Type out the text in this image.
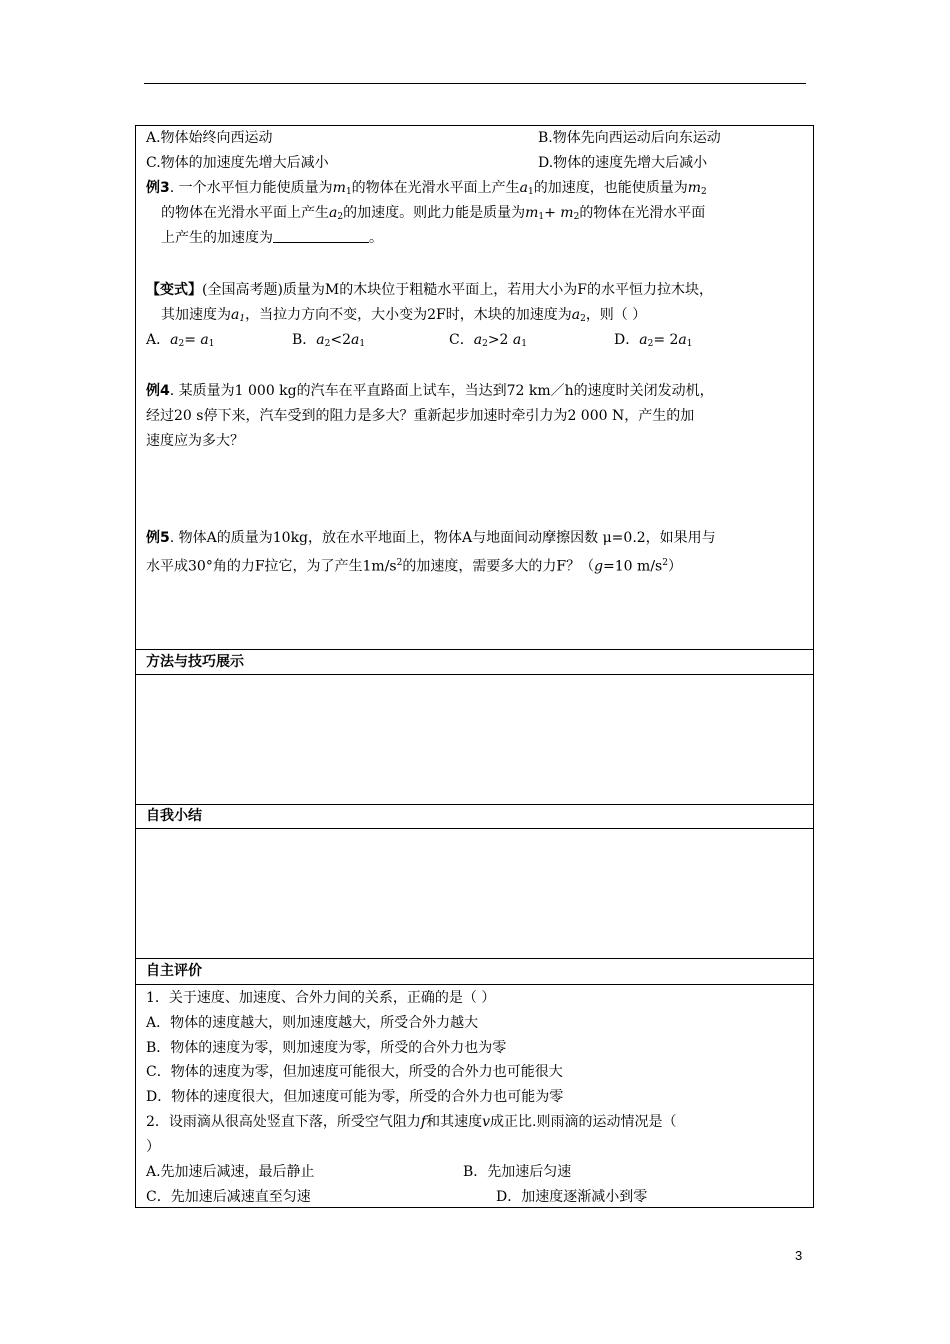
A.物体始终向西运动	B.物体先向西运动后向东运动
C.物体的加速度先增大后减小	D.物体的速度先增大后减小
例3. 一个水平恒力能使质量为$m_1$的物体在光滑水平面上产生$a_1$的加速度，也能使质量为$m_2$
的物体在光滑水平面上产生$a_2$的加速度。则此力能是质量为$m_1+ m_2$的物体在光滑水平面
上产生的加速度为	。
【变式】(全国高考题)质量为M的木块位于粗糙水平面上，若用大小为F的水平恒力拉木块，
其加速度为$a_1$，当拉力方向不变，大小变为2F时，木块的加速度为$a_2$，则（ ）
A．$a_2= a_1$	B．$a_2<2a_1$	C．$a_2>2$ $a_1$	D．$a_2= 2a_1$
例4. 某质量为1 000 kg的汽车在平直路面上试车，当达到72 km／h的速度时关闭发动机，
经过20 s停下来，汽车受到的阻力是多大？重新起步加速时牵引力为2 000 N，产生的加
速度应为多大？
例5. 物体A的质量为10kg，放在水平地面上，物体A与地面间动摩擦因数 μ=0.2，如果用与
水平成30°角的力F拉它，为了产生$1m/s^2$的加速度，需要多大的力F？（g=10 $m/s^2$）
方法与技巧展示
自我小结
自主评价
1．关于速度、加速度、合外力间的关系，正确的是（ ）
A．物体的速度越大，则加速度越大，所受合外力越大
B．物体的速度为零，则加速度为零，所受的合外力也为零
C．物体的速度为零，但加速度可能很大，所受的合外力也可能很大
D．物体的速度很大，但加速度可能为零，所受的合外力也可能为零
2．设雨滴从很高处竖直下落，所受空气阻力f和其速度v成正比.则雨滴的运动情况是（
）
A.先加速后减速，最后静止	B．先加速后匀速
C．先加速后减速直至匀速	D．加速度逐渐减小到零
3
